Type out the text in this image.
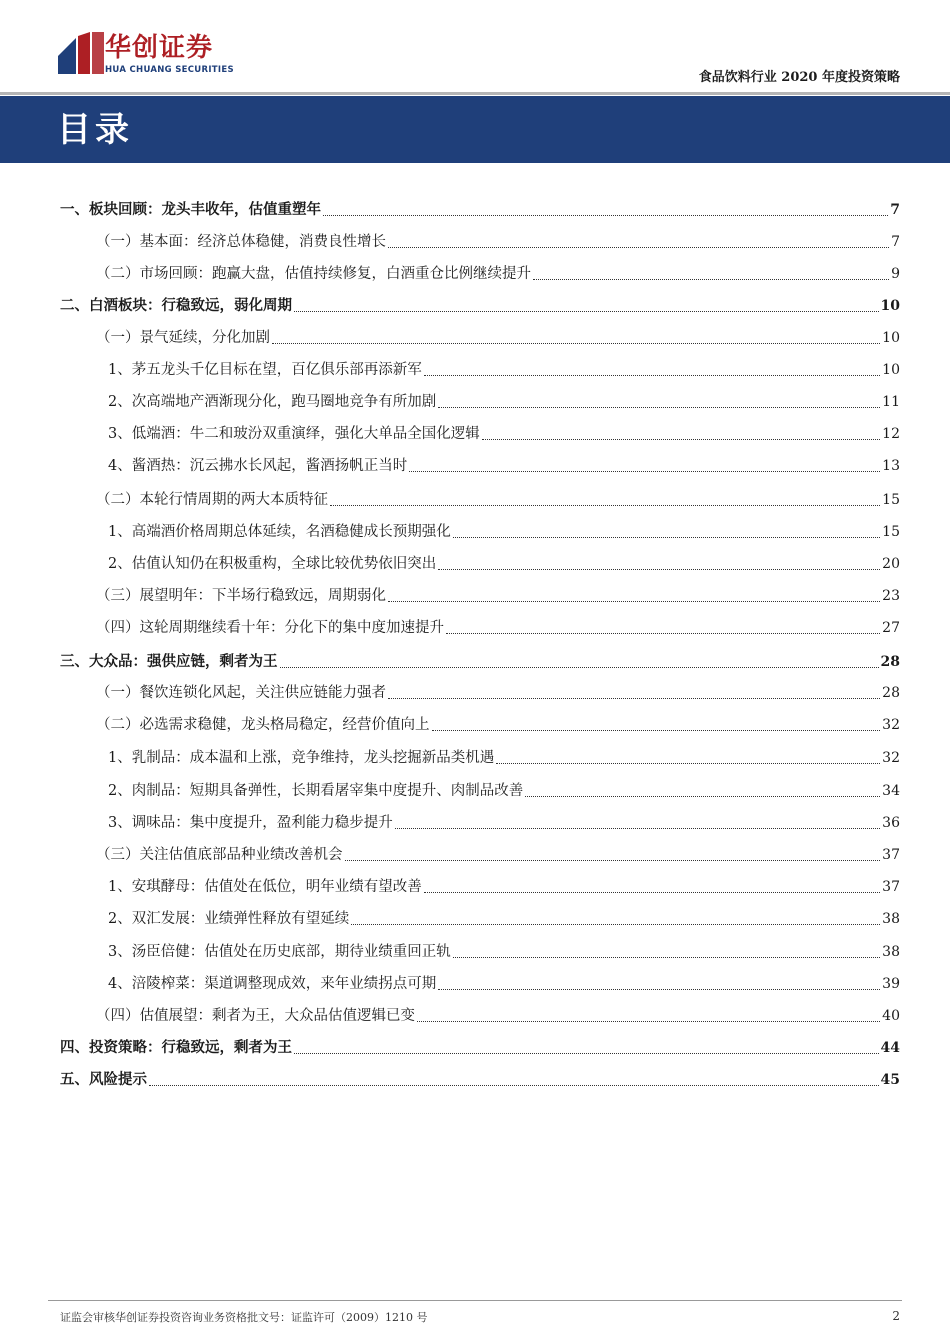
华创证券
HUA CHUANG SECURITIES	食品饮料行业 2020 年度投资策略
目录
一、板块回顾：龙头丰收年，估值重塑年	7
（一）基本面：经济总体稳健，消费良性增长	7
（二）市场回顾：跑赢大盘，估值持续修复，白酒重仓比例继续提升	9
二、白酒板块：行稳致远，弱化周期	10
（一）景气延续，分化加剧	10
1、茅五龙头千亿目标在望，百亿俱乐部再添新军	10
2、次高端地产酒渐现分化，跑马圈地竞争有所加剧	11
3、低端酒：牛二和玻汾双重演绎，强化大单品全国化逻辑	12
4、酱酒热：沉云拂水长风起，酱酒扬帆正当时	13
（二）本轮行情周期的两大本质特征	15
1、高端酒价格周期总体延续，名酒稳健成长预期强化	15
2、估值认知仍在积极重构，全球比较优势依旧突出	20
（三）展望明年：下半场行稳致远，周期弱化	23
（四）这轮周期继续看十年：分化下的集中度加速提升	27
三、大众品：强供应链，剩者为王	28
（一）餐饮连锁化风起，关注供应链能力强者	28
（二）必选需求稳健，龙头格局稳定，经营价值向上	32
1、乳制品：成本温和上涨，竞争维持，龙头挖掘新品类机遇	32
2、肉制品：短期具备弹性，长期看屠宰集中度提升、肉制品改善	34
3、调味品：集中度提升，盈利能力稳步提升	36
（三）关注估值底部品种业绩改善机会	37
1、安琪酵母：估值处在低位，明年业绩有望改善	37
2、双汇发展：业绩弹性释放有望延续	38
3、汤臣倍健：估值处在历史底部，期待业绩重回正轨	38
4、涪陵榨菜：渠道调整现成效，来年业绩拐点可期	39
（四）估值展望：剩者为王，大众品估值逻辑已变	40
四、投资策略：行稳致远，剩者为王	44
五、风险提示	45
证监会审核华创证券投资咨询业务资格批文号：证监许可（2009）1210 号	2
